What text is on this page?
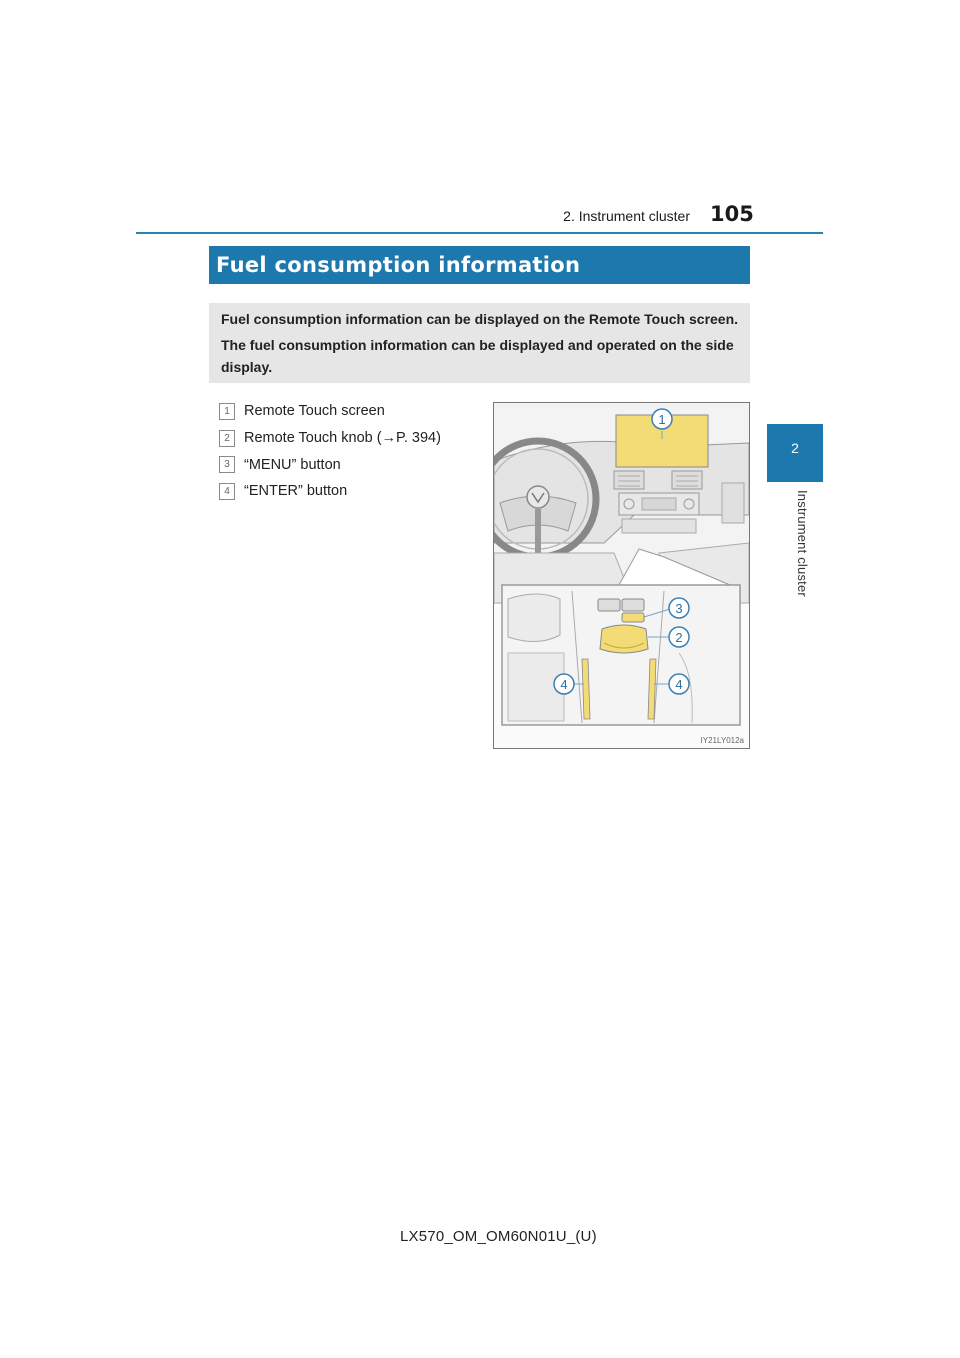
2. Instrument cluster 105
2
Instrument cluster
Fuel consumption information

Fuel consumption information can be displayed on the Remote Touch screen.

The fuel consumption information can be displayed and operated on the side display.

1 Remote Touch screen
2 Remote Touch knob (→P. 394)
3 “MENU” button
4 “ENTER” button
1
3
2
4	4
IY21LY012a
LX570_OM_OM60N01U_(U)
